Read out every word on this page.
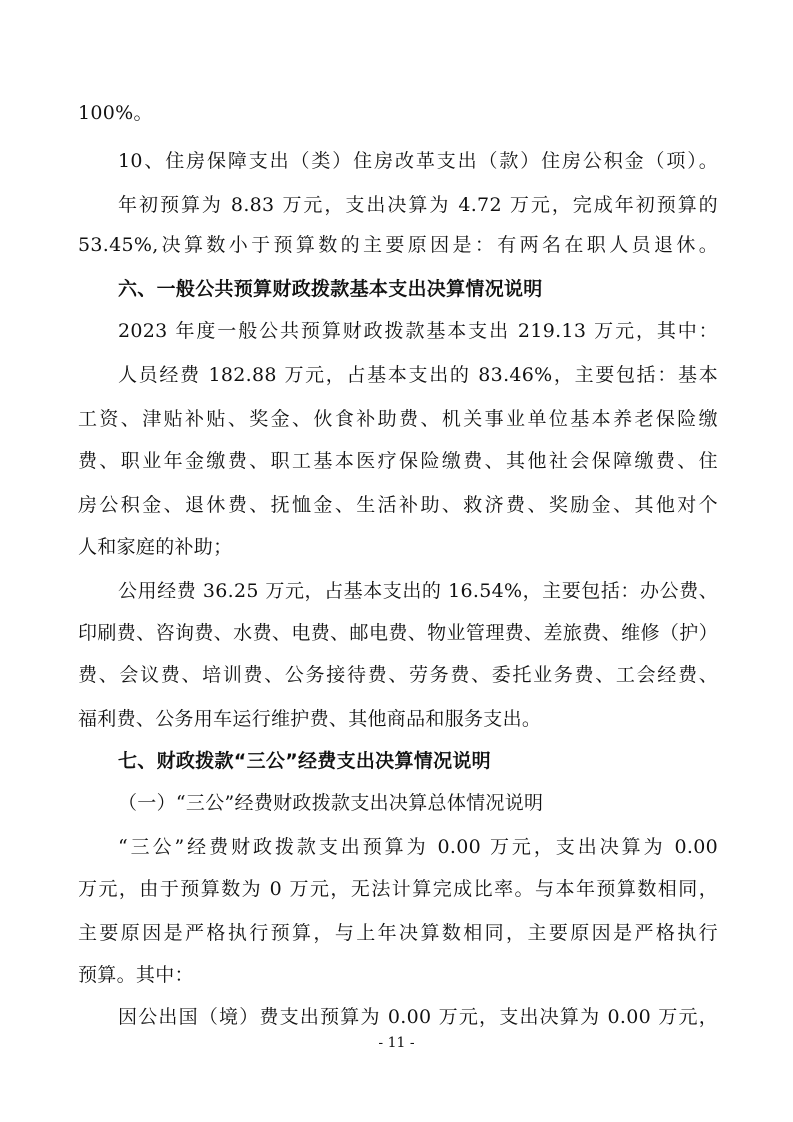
100%。
10、住房保障支出（类）住房改革支出（款）住房公积金（项）。
年初预算为 8.83 万元，支出决算为 4.72 万元，完成年初预算的
53.45%,决算数小于预算数的主要原因是：有两名在职人员退休。
六、一般公共预算财政拨款基本支出决算情况说明
2023 年度一般公共预算财政拨款基本支出 219.13 万元，其中：
人员经费 182.88 万元，占基本支出的 83.46%，主要包括：基本
工资、津贴补贴、奖金、伙食补助费、机关事业单位基本养老保险缴
费、职业年金缴费、职工基本医疗保险缴费、其他社会保障缴费、住
房公积金、退休费、抚恤金、生活补助、救济费、奖励金、其他对个
人和家庭的补助；
公用经费 36.25 万元，占基本支出的 16.54%，主要包括：办公费、
印刷费、咨询费、水费、电费、邮电费、物业管理费、差旅费、维修（护）
费、会议费、培训费、公务接待费、劳务费、委托业务费、工会经费、
福利费、公务用车运行维护费、其他商品和服务支出。
七、财政拨款“三公”经费支出决算情况说明
（一）“三公”经费财政拨款支出决算总体情况说明
“三公”经费财政拨款支出预算为 0.00 万元，支出决算为 0.00
万元，由于预算数为 0 万元，无法计算完成比率。与本年预算数相同，
主要原因是严格执行预算，与上年决算数相同，主要原因是严格执行
预算。其中：
因公出国（境）费支出预算为 0.00 万元，支出决算为 0.00 万元，
- 11 -
